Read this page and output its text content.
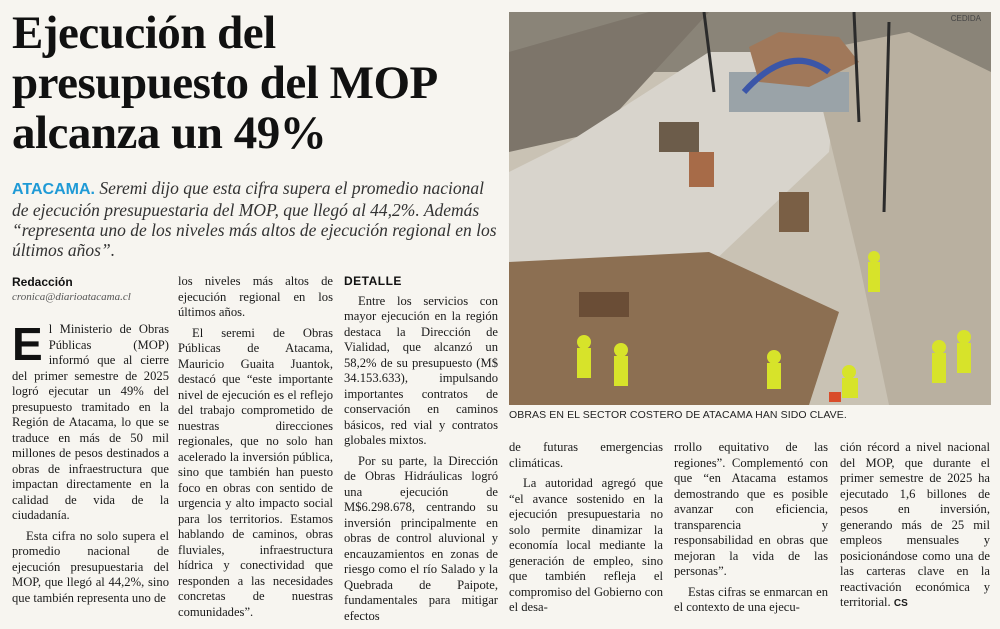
Ejecución del
presupuesto del MOP
alcanza un 49%
ATACAMA. Seremi dijo que esta cifra supera el promedio nacional de ejecución presupuestaria del MOP, que llegó al 44,2%. Además “representa uno de los niveles más altos de ejecución regional en los últimos años”.
Redacción
cronica@diarioatacama.cl

El Ministerio de Obras Públicas (MOP) informó que al cierre del primer semestre de 2025 logró ejecutar un 49% del presupuesto tramitado en la Región de Atacama, lo que se traduce en más de 50 mil millones de pesos destinados a obras de infraestructura que impactan directamente en la calidad de vida de la ciudadanía.

Esta cifra no solo supera el promedio nacional de ejecución presupuestaria del MOP, que llegó al 44,2%, sino que también representa uno de

los niveles más altos de ejecución regional en los últimos años.

El seremi de Obras Públicas de Atacama, Mauricio Guaita Juantok, destacó que “este importante nivel de ejecución es el reflejo del trabajo comprometido de nuestras direcciones regionales, que no solo han acelerado la inversión pública, sino que también han puesto foco en obras con sentido de urgencia y alto impacto social para los territorios. Estamos hablando de caminos, obras fluviales, infraestructura hídrica y conectividad que responden a las necesidades concretas de nuestras comunidades”.

DETALLE

Entre los servicios con mayor ejecución en la región destaca la Dirección de Vialidad, que alcanzó un 58,2% de su presupuesto (M$ 34.153.633), impulsando importantes contratos de conservación en caminos básicos, red vial y contratos globales mixtos.

Por su parte, la Dirección de Obras Hidráulicas logró una ejecución de M$6.298.678, centrando su inversión principalmente en obras de control aluvional y encauzamientos en zonas de riesgo como el río Salado y la Quebrada de Paipote, fundamentales para mitigar efectos

CEDIDA
OBRAS EN EL SECTOR COSTERO DE ATACAMA HAN SIDO CLAVE.

de futuras emergencias climáticas.

La autoridad agregó que “el avance sostenido en la ejecución presupuestaria no solo permite dinamizar la economía local mediante la generación de empleo, sino que también refleja el compromiso del Gobierno con el desa-

rrollo equitativo de las regiones”. Complementó con que “en Atacama estamos demostrando que es posible avanzar con eficiencia, transparencia y responsabilidad en obras que mejoran la vida de las personas”.

Estas cifras se enmarcan en el contexto de una ejecu-

ción récord a nivel nacional del MOP, que durante el primer semestre de 2025 ha ejecutado 1,6 billones de pesos en inversión, generando más de 25 mil empleos mensuales y posicionándose como una de las carteras clave en la reactivación económica y territorial. CS
